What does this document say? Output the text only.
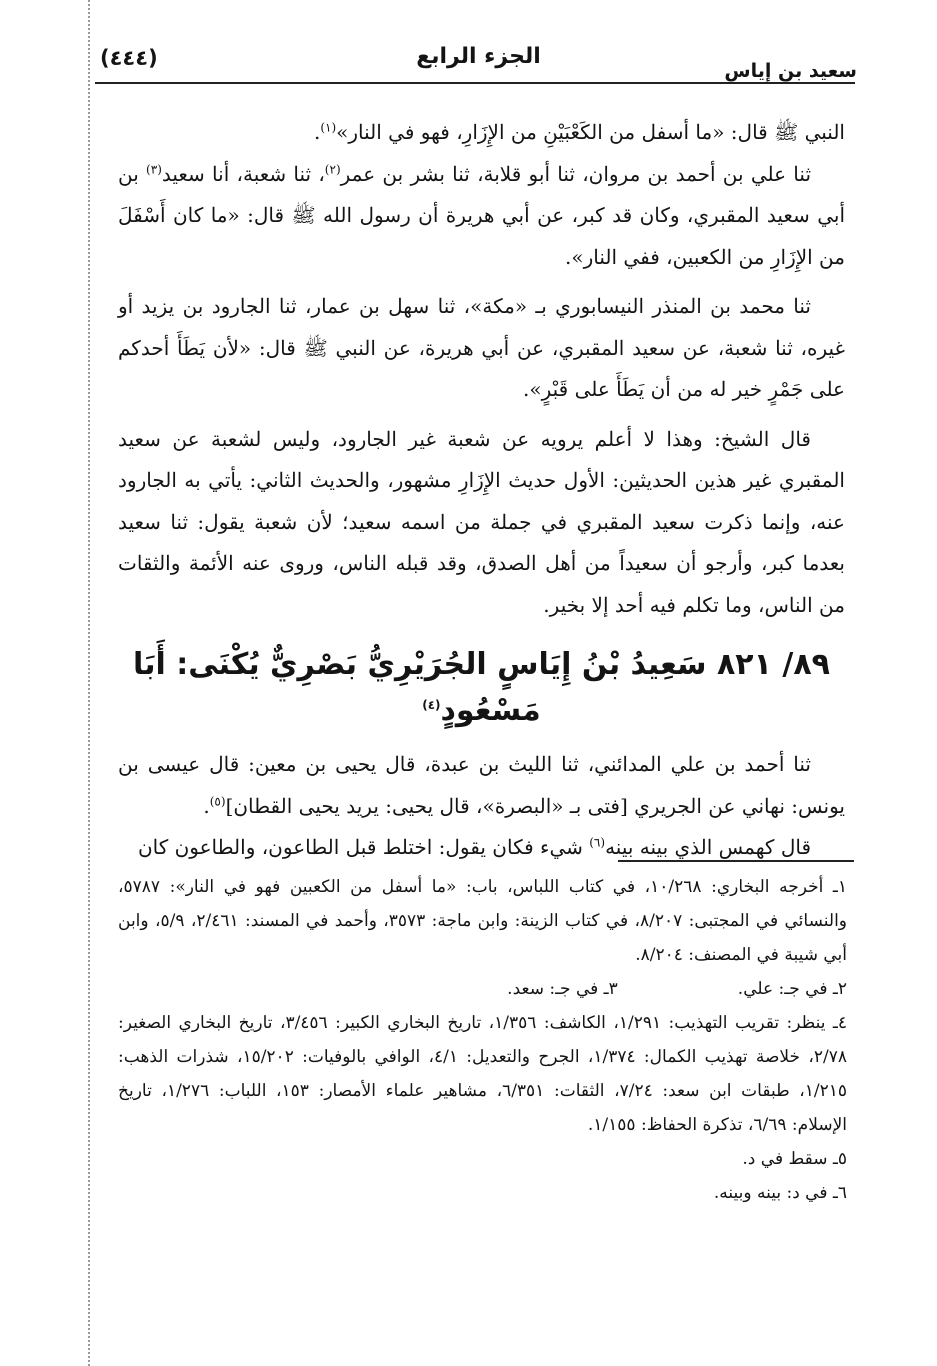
(٤٤٤)	الجزء الرابع
سعيد بن إياس

النبي ﷺ قال: «ما أسفل من الكَعْبَيْنِ من الإِزَارِ، فهو في النار»$^{(١)}$.

ثنا علي بن أحمد بن مروان، ثنا أبو قلابة، ثنا بشر بن عمر$^{(٢)}$، ثنا شعبة، أنا سعيد$^{(٣)}$ بن أبي سعيد المقبري، وكان قد كبر، عن أبي هريرة أن رسول الله ﷺ قال: «ما كان أَسْفَلَ من الإِزَارِ من الكعبين، ففي النار».

ثنا محمد بن المنذر النيسابوري بـ «مكة»، ثنا سهل بن عمار، ثنا الجارود بن يزيد أو غيره، ثنا شعبة، عن سعيد المقبري، عن أبي هريرة، عن النبي ﷺ قال: «لأن يَطَأَ أحدكم على جَمْرٍ خير له من أن يَطَأَ على قَبْرٍ».

قال الشيخ: وهذا لا أعلم يرويه عن شعبة غير الجارود، وليس لشعبة عن سعيد المقبري غير هذين الحديثين: الأول حديث الإِزَارِ مشهور، والحديث الثاني: يأتي به الجارود عنه، وإنما ذكرت سعيد المقبري في جملة من اسمه سعيد؛ لأن شعبة يقول: ثنا سعيد بعدما كبر، وأرجو أن سعيداً من أهل الصدق، وقد قبله الناس، وروى عنه الأئمة والثقات من الناس، وما تكلم فيه أحد إلا بخير.

٨٩/ ٨٢١ سَعِيدُ بْنُ إِيَاسٍ الجُرَيْرِيُّ بَصْرِيٌّ يُكْنَى: أَبَا مَسْعُودٍ$^{(٤)}$

ثنا أحمد بن علي المدائني، ثنا الليث بن عبدة، قال يحيى بن معين: قال عيسى بن يونس: نهاني عن الجريري [فتى بـ «البصرة»، قال يحيى: يريد يحيى القطان]$^{(٥)}$.

قال كهمس الذي بينه بينه$^{(٦)}$ شيء فكان يقول: اختلط قبل الطاعون، والطاعون كان

١ـ أخرجه البخاري: ١٠/٢٦٨، في كتاب اللباس، باب: «ما أسفل من الكعبين فهو في النار»: ٥٧٨٧، والنسائي في المجتبى: ٨/٢٠٧، في كتاب الزينة: وابن ماجة: ٣٥٧٣، وأحمد في المسند: ٢/٤٦١، ٥/٩، وابن أبي شيبة في المصنف: ٨/٢٠٤.

٢ـ في جـ: علي.

٣ـ في جـ: سعد.

٤ـ ينظر: تقريب التهذيب: ١/٢٩١، الكاشف: ١/٣٥٦، تاريخ البخاري الكبير: ٣/٤٥٦، تاريخ البخاري الصغير: ٢/٧٨، خلاصة تهذيب الكمال: ١/٣٧٤، الجرح والتعديل: ٤/١، الوافي بالوفيات: ١٥/٢٠٢، شذرات الذهب: ١/٢١٥، طبقات ابن سعد: ٧/٢٤، الثقات: ٦/٣٥١، مشاهير علماء الأمصار: ١٥٣، اللباب: ١/٢٧٦، تاريخ الإسلام: ٦/٦٩، تذكرة الحفاظ: ١/١٥٥.

٥ـ سقط في د.

٦ـ في د: بينه وبينه.
